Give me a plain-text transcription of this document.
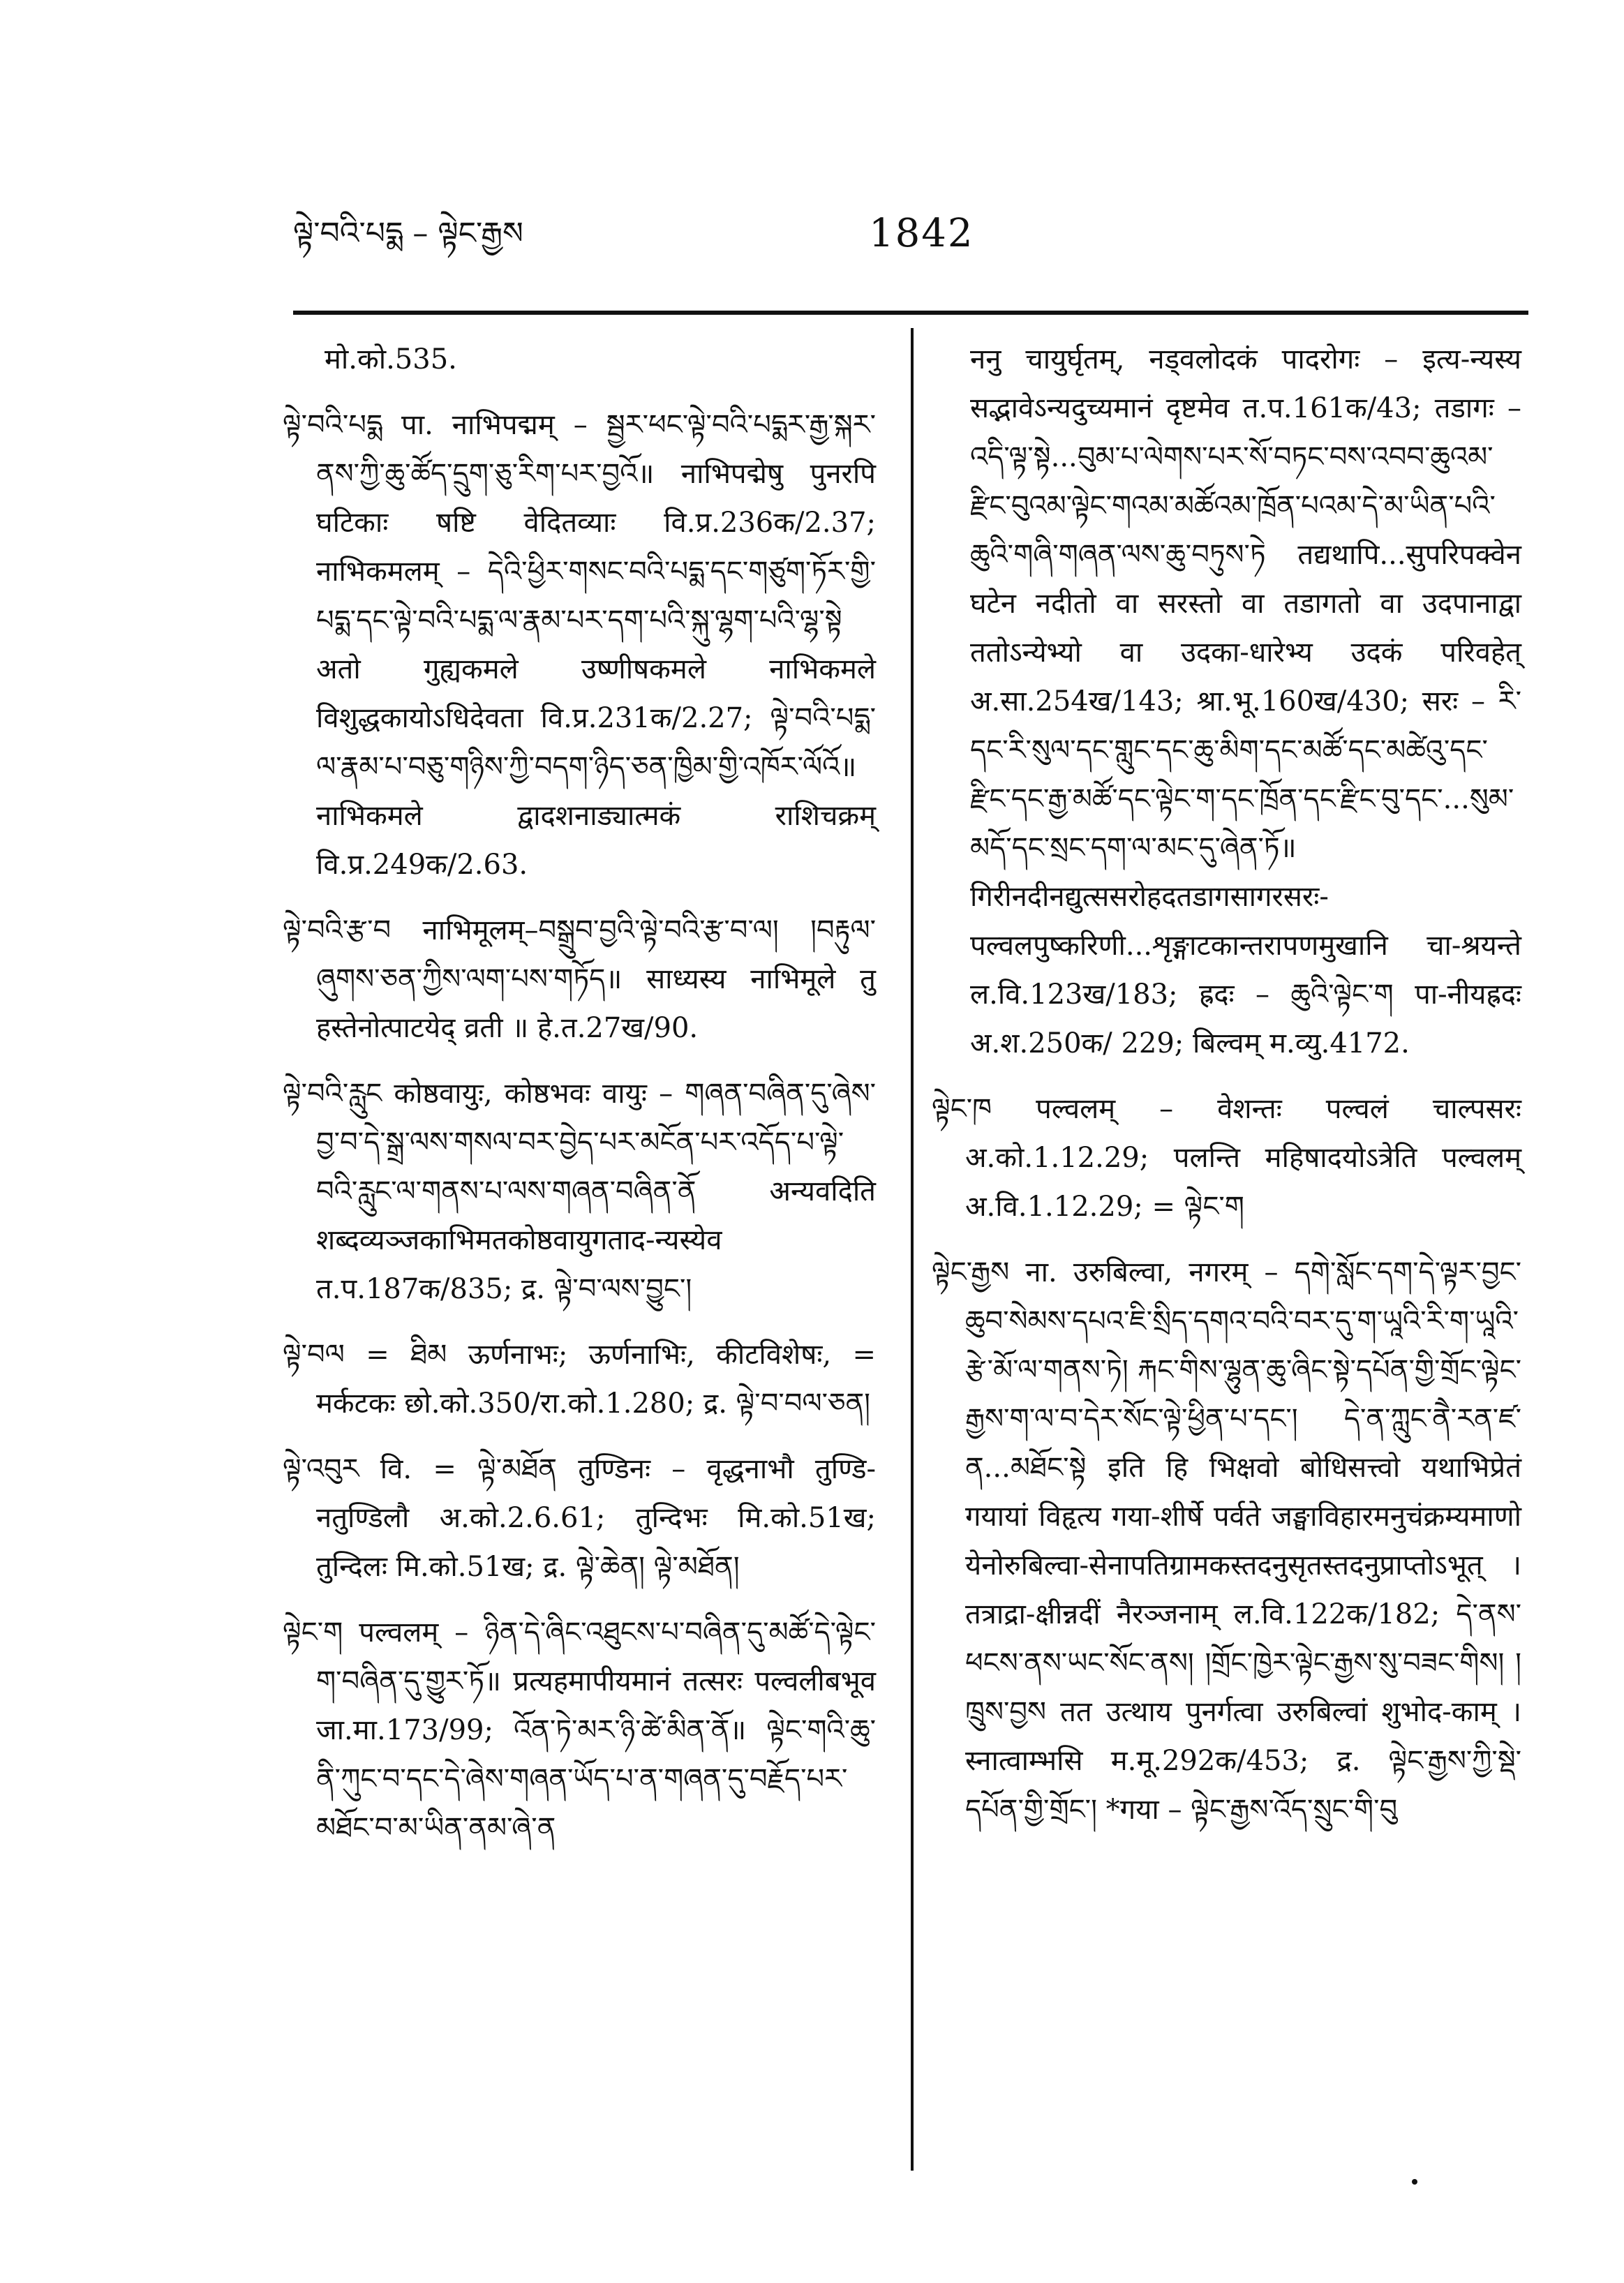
ལྟེ་བའི་པདྨ – ལྟེང་རྒྱས	1842

मो.को.535.

ལྟེ་བའི་པདྨ पा. नाभिपद्मम् – སྦྱར་ཕང་ལྟེ་བའི་པདྨར་རྒྱ་སྐར་ནས་ཀྱི་ཆུ་ཚོད་དྲུག་ཅུ་རིག་པར་བྱའོ॥ नाभिपद्मेषु पुनरपि घटिकाः षष्टि वेदितव्याः वि.प्र.236क/2.37; नाभिकमलम् – དེའི་ཕྱིར་གསང་བའི་པདྨ་དང་གཙུག་ཏོར་གྱི་པདྨ་དང་ལྟེ་བའི་པདྨ་ལ་རྣམ་པར་དག་པའི་སྐུ་ལྷག་པའི་ལྷ་སྟེ अतो गुह्यकमले उष्णीषकमले नाभिकमले विशुद्धकायोऽधिदेवता वि.प्र.231क/2.27; ལྟེ་བའི་པདྨ་ལ་རྣམ་པ་བཅུ་གཉིས་ཀྱི་བདག་ཉིད་ཅན་ཁྱིམ་གྱི་འཁོར་ལོའོ॥ नाभिकमले द्वादशनाड्यात्मकं राशिचक्रम् वि.प्र.249क/2.63.

ལྟེ་བའི་རྩ་བ नाभिमूलम्–བསྒྲུབ་བྱའི་ལྟེ་བའི་རྩ་བ་ལ། །བརྟུལ་ཞུགས་ཅན་ཀྱིས་ལག་པས་གཏོད॥ साध्यस्य नाभिमूले तु हस्तेनोत्पाटयेद् व्रती ॥ हे.त.27ख/90.

ལྟེ་བའི་རླུང कोष्ठवायुः, कोष्ठभवः वायुः – གཞན་བཞིན་དུ་ཞེས་བྱ་བ་དེ་སྒྲ་ལས་གསལ་བར་བྱེད་པར་མངོན་པར་འདོད་པ་ལྟེ་བའི་རླུང་ལ་གནས་པ་ལས་གཞན་བཞིན་ནོ अन्यवदिति शब्दव्यञ्जकाभिमतकोष्ठवायुगताद-न्यस्येव त.प.187क/835; द्र. ལྟེ་བ་ལས་བྱུང་།

ལྟེ་བལ = ཐིམ ऊर्णनाभः; ऊर्णनाभिः, कीटविशेषः, = मर्कटकः छो.को.350/रा.को.1.280; द्र. ལྟེ་བ་བལ་ཅན།

ལྟེ་འབུར वि. = ལྟེ་མཐོན तुण्डिनः – वृद्धनाभौ तुण्डि-नतुण्डिलौ अ.को.2.6.61; तुन्दिभः मि.को.51ख; तुन्दिलः मि.को.51ख; द्र. ལྟེ་ཆེན། ལྟེ་མཐོན།

ལྟེང་ག पल्वलम् – ཉིན་དེ་ཞིང་འཐུངས་པ་བཞིན་དུ་མཚོ་དེ་ལྟེང་ག་བཞིན་དུ་གྱུར་ཏོ॥ प्रत्यहमापीयमानं तत्सरः पल्वलीबभूव जा.मा.173/99; འོན་ཏེ་མར་ཉི་ཚེ་མིན་ནོ॥ ལྟེང་གའི་ཆུ་ནི་ཀུང་བ་དང་དེ་ཞེས་གཞན་ཡོད་པ་ན་གཞན་དུ་བརྗོད་པར་མཐོང་བ་མ་ཡིན་ནམ་ཞེ་ན

ननु चायुर्घृतम्, नड्वलोदकं पादरोगः – इत्य-न्यस्य सद्भावेऽन्यदुच्यमानं दृष्टमेव त.प.161क/43; तडागः – འདི་ལྟ་སྟེ...བུམ་པ་ལེགས་པར་སོ་བཏང་བས་འབབ་ཆུའམ་རྫིང་བུའམ་ལྟེང་གའམ་མཚོའམ་ཁྲོན་པའམ་དེ་མ་ཡིན་པའི་ཆུའི་གཞི་གཞན་ལས་ཆུ་བཏུས་ཏེ तद्यथापि...सुपरिपक्वेन घटेन नदीतो वा सरस्तो वा तडागतो वा उदपानाद्वा ततोऽन्येभ्यो वा उदका-धारेभ्य उदकं परिवहेत् अ.सा.254ख/143; श्रा.भू.160ख/430; सरः – རི་དང་རི་སུལ་དང་གླུང་དང་ཆུ་མིག་དང་མཚོ་དང་མཚེའུ་དང་རྫིང་དང་རྒྱ་མཚོ་དང་ལྟེང་ག་དང་ཁྲོན་དང་རྫིང་བུ་དང་...སུམ་མདོ་དང་སྲང་དག་ལ་མང་དུ་ཞེན་ཏོ॥ गिरीनदीनद्युत्ससरोहदतडागसागरसरः-पल्वलपुष्करिणी...शृङ्गाटकान्तरापणमुखानि चा-श्रयन्ते ल.वि.123ख/183; ह्रदः – ཆུའི་ལྟེང་ག पा-नीयह्रदः अ.श.250क/ 229; बिल्वम् म.व्यु.4172.

ལྟེང་ཁ पल्वलम् – वेशन्तः पल्वलं चाल्पसरः अ.को.1.12.29; पलन्ति महिषादयोऽत्रेति पल्वलम् अ.वि.1.12.29; = ལྟེང་ག

ལྟེང་རྒྱས ना. उरुबिल्वा, नगरम् – དགེ་སློང་དག་དེ་ལྟར་བྱང་ཆུབ་སེམས་དཔའ་ཇི་སྲིད་དགའ་བའི་བར་དུ་ག་ཡཱའི་རི་ག་ཡཱའི་རྩེ་མོ་ལ་གནས་ཏེ། རྐང་གིས་ལྷུན་ཆུ་ཞིང་སྟེ་དཔོན་གྱི་གྲོང་ལྟེང་རྒྱས་ག་ལ་བ་དེར་སོང་ལྟེ་ཕྱིན་པ་དང་། དེ་ན་ཀླུང་ནཻ་རན་ཛ་ན...མཐོང་སྟེ इति हि भिक्षवो बोधिसत्त्वो यथाभिप्रेतं गयायां विहृत्य गया-शीर्षे पर्वते जङ्घाविहारमनुचंक्रम्यमाणो येनोरुबिल्वा-सेनापतिग्रामकस्तदनुसृतस्तदनुप्राप्तोऽभूत् । तत्राद्रा-क्षीन्नदीं नैरञ्जनाम् ल.वि.122क/182; དེ་ནས་ཕངས་ནས་ཡང་སོང་ནས། །གྲོང་ཁྱེར་ལྟེང་རྒྱས་སུ་བཟང་གིས། །ཁྲུས་བྱས तत उत्थाय पुनर्गत्वा उरुबिल्वां शुभोद-काम् । स्नात्वाम्भसि म.मू.292क/453; द्र. ལྟེང་རྒྱས་ཀྱི་སྡེ་དཔོན་གྱི་གྲོང་། *गया – ལྟེང་རྒྱས་འོད་སྲུང་གི་བུ
